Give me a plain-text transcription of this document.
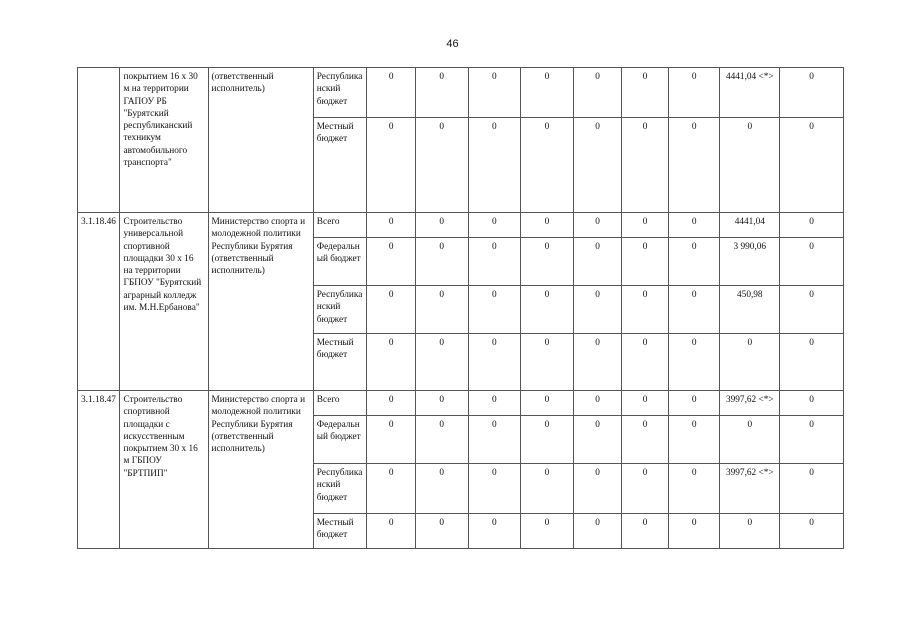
46
	покрытием 16 х 30 м на территории ГАПОУ РБ "Бурятский республиканский техникум автомобильного транспорта"	(ответственный исполнитель)	Республиканский бюджет	0	0	0	0	0	0	0	4441,04 <*>	0
			Местный бюджет	0	0	0	0	0	0	0	0	0
3.1.18.46	Строительство универсальной спортивной площадки 30 х 16 на территории ГБПОУ "Бурятский аграрный колледж им. М.Н.Ербанова"	Министерство спорта и молодежной политики Республики Бурятия (ответственный исполнитель)	Всего	0	0	0	0	0	0	0	4441,04	0
			Федеральный бюджет	0	0	0	0	0	0	0	3 990,06	0
			Республиканский бюджет	0	0	0	0	0	0	0	450,98	0
			Местный бюджет	0	0	0	0	0	0	0	0	0
3.1.18.47	Строительство спортивной площадки с искусственным покрытием 30 х 16 м ГБПОУ "БРТПИП"	Министерство спорта и молодежной политики Республики Бурятия (ответственный исполнитель)	Всего	0	0	0	0	0	0	0	3997,62 <*>	0
			Федеральный бюджет	0	0	0	0	0	0	0	0	0
			Республиканский бюджет	0	0	0	0	0	0	0	3997,62 <*>	0
			Местный бюджет	0	0	0	0	0	0	0	0	0
